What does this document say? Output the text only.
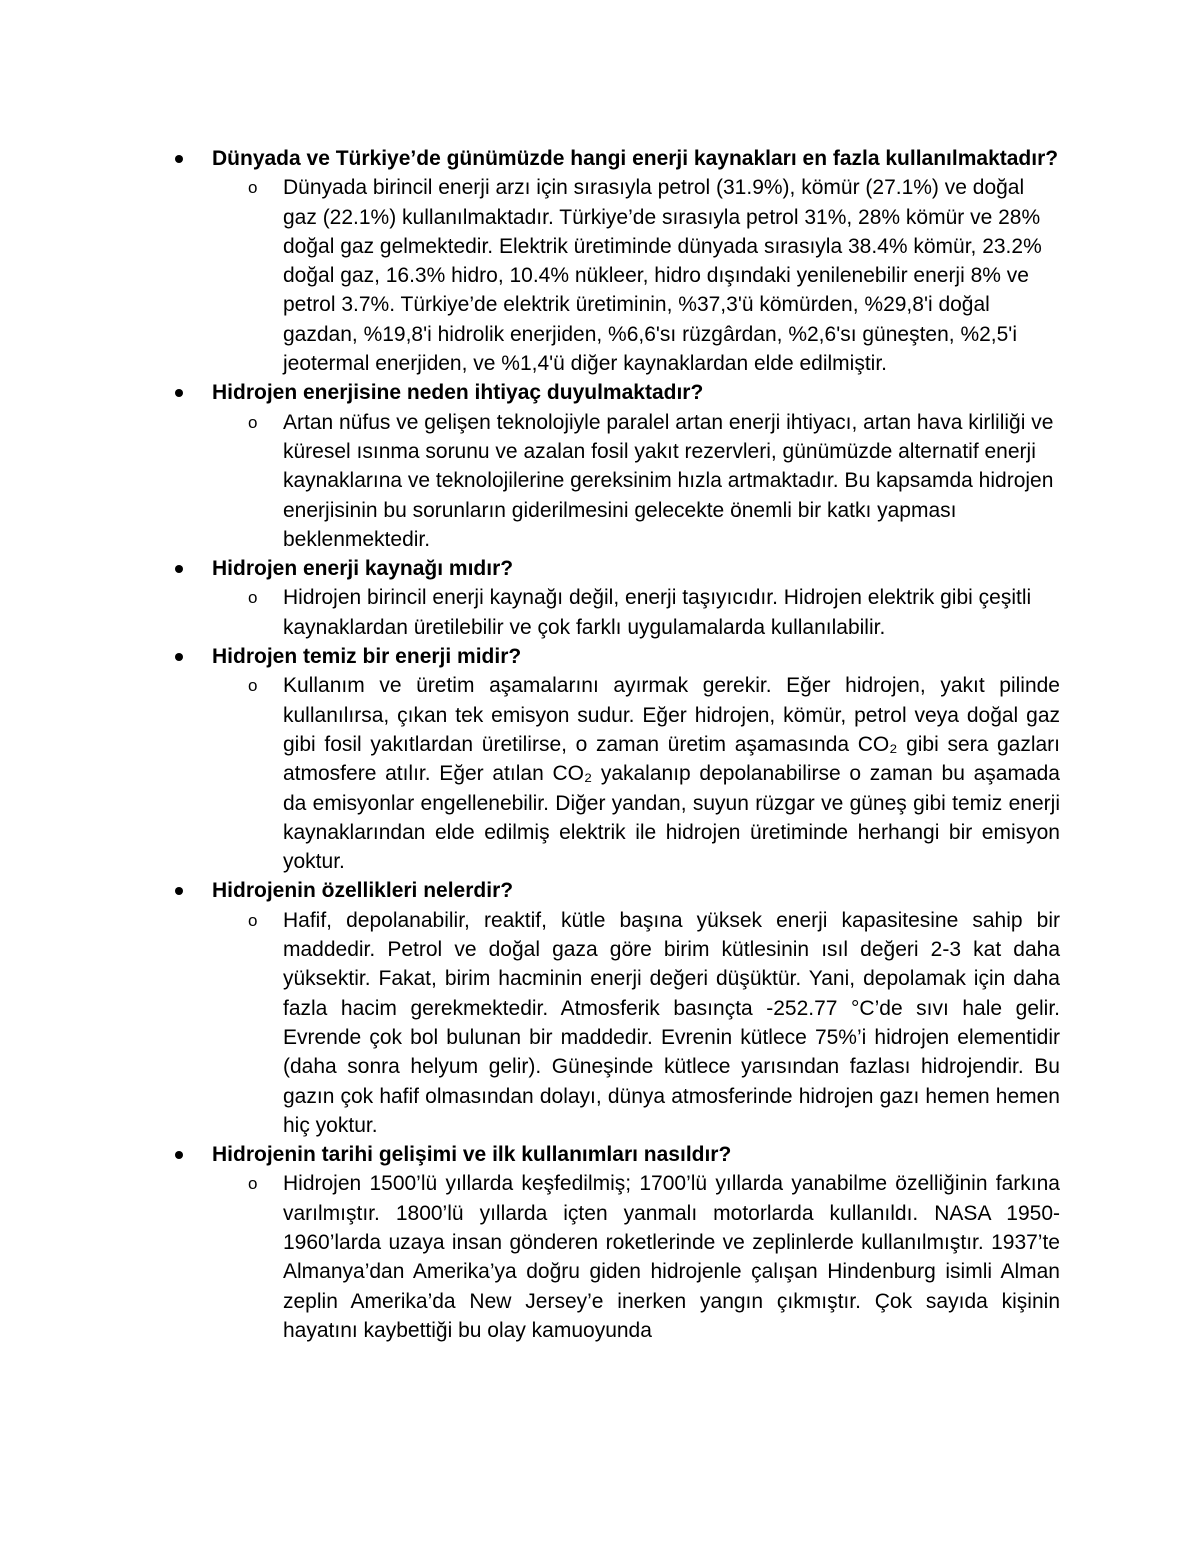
Dünyada ve Türkiye’de günümüzde hangi enerji kaynakları en fazla kullanılmaktadır?
o Dünyada birincil enerji arzı için sırasıyla petrol (31.9%), kömür (27.1%) ve doğal gaz (22.1%) kullanılmaktadır. Türkiye’de sırasıyla petrol 31%, 28% kömür ve 28% doğal gaz gelmektedir. Elektrik üretiminde dünyada sırasıyla 38.4% kömür, 23.2% doğal gaz, 16.3% hidro, 10.4% nükleer, hidro dışındaki yenilenebilir enerji 8% ve petrol 3.7%. Türkiye’de elektrik üretiminin, %37,3'ü kömürden, %29,8'i doğal gazdan, %19,8'i hidrolik enerjiden, %6,6'sı rüzgârdan, %2,6'sı güneşten, %2,5'i jeotermal enerjiden, ve %1,4'ü diğer kaynaklardan elde edilmiştir.
Hidrojen enerjisine neden ihtiyaç duyulmaktadır?
o Artan nüfus ve gelişen teknolojiyle paralel artan enerji ihtiyacı, artan hava kirliliği ve küresel ısınma sorunu ve azalan fosil yakıt rezervleri, günümüzde alternatif enerji kaynaklarına ve teknolojilerine gereksinim hızla artmaktadır. Bu kapsamda hidrojen enerjisinin bu sorunların giderilmesini gelecekte önemli bir katkı yapması beklenmektedir.
Hidrojen enerji kaynağı mıdır?
o Hidrojen birincil enerji kaynağı değil, enerji taşıyıcıdır. Hidrojen elektrik gibi çeşitli kaynaklardan üretilebilir ve çok farklı uygulamalarda kullanılabilir.
Hidrojen temiz bir enerji midir?
o Kullanım ve üretim aşamalarını ayırmak gerekir. Eğer hidrojen, yakıt pilinde kullanılırsa, çıkan tek emisyon sudur. Eğer hidrojen, kömür, petrol veya doğal gaz gibi fosil yakıtlardan üretilirse, o zaman üretim aşamasında CO₂ gibi sera gazları atmosfere atılır. Eğer atılan CO₂ yakalanıp depolanabilirse o zaman bu aşamada da emisyonlar engellenebilir. Diğer yandan, suyun rüzgar ve güneş gibi temiz enerji kaynaklarından elde edilmiş elektrik ile hidrojen üretiminde herhangi bir emisyon yoktur.
Hidrojenin özellikleri nelerdir?
o Hafif, depolanabilir, reaktif, kütle başına yüksek enerji kapasitesine sahip bir maddedir. Petrol ve doğal gaza göre birim kütlesinin ısıl değeri 2-3 kat daha yüksektir. Fakat, birim hacminin enerji değeri düşüktür. Yani, depolamak için daha fazla hacim gerekmektedir. Atmosferik basınçta -252.77 °C’de sıvı hale gelir. Evrende çok bol bulunan bir maddedir. Evrenin kütlece 75%’i hidrojen elementidir (daha sonra helyum gelir). Güneşinde kütlece yarısından fazlası hidrojendir. Bu gazın çok hafif olmasından dolayı, dünya atmosferinde hidrojen gazı hemen hemen hiç yoktur.
Hidrojenin tarihi gelişimi ve ilk kullanımları nasıldır?
o Hidrojen 1500’lü yıllarda keşfedilmiş; 1700’lü yıllarda yanabilme özelliğinin farkına varılmıştır. 1800’lü yıllarda içten yanmalı motorlarda kullanıldı. NASA 1950-1960’larda uzaya insan gönderen roketlerinde ve zeplinlerde kullanılmıştır. 1937’te Almanya’dan Amerika’ya doğru giden hidrojenle çalışan Hindenburg isimli Alman zeplin Amerika’da New Jersey’e inerken yangın çıkmıştır. Çok sayıda kişinin hayatını kaybettiği bu olay kamuoyunda
